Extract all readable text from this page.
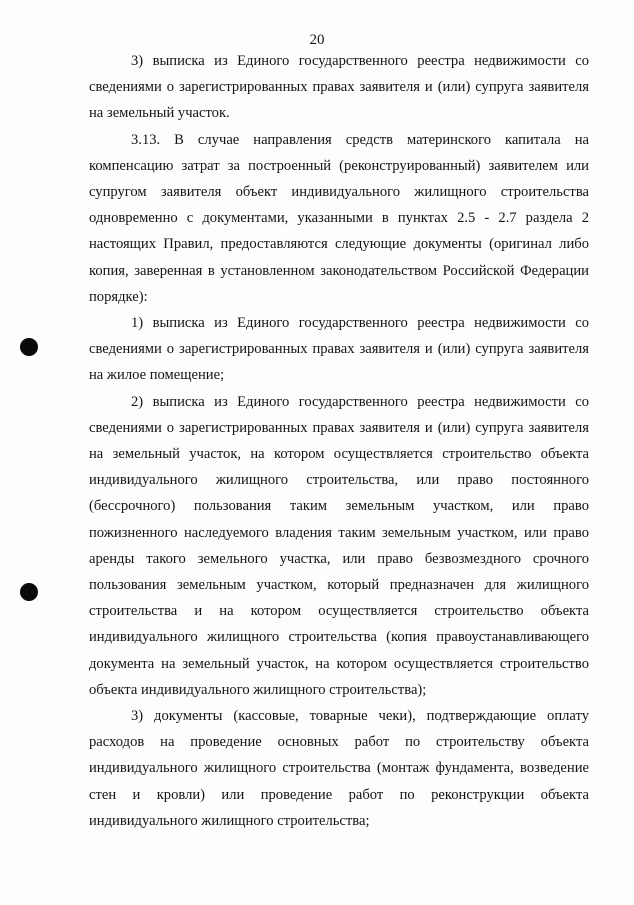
20

3) выписка из Единого государственного реестра недвижимости со сведениями о зарегистрированных правах заявителя и (или) супруга заявителя на земельный участок.

3.13. В случае направления средств материнского капитала на компенсацию затрат за построенный (реконструированный) заявителем или супругом заявителя объект индивидуального жилищного строительства одновременно с документами, указанными в пунктах 2.5 - 2.7 раздела 2 настоящих Правил, предоставляются следующие документы (оригинал либо копия, заверенная в установленном законодательством Российской Федерации порядке):

1) выписка из Единого государственного реестра недвижимости со сведениями о зарегистрированных правах заявителя и (или) супруга заявителя на жилое помещение;

2) выписка из Единого государственного реестра недвижимости со сведениями о зарегистрированных правах заявителя и (или) супруга заявителя на земельный участок, на котором осуществляется строительство объекта индивидуального жилищного строительства, или право постоянного (бессрочного) пользования таким земельным участком, или право пожизненного наследуемого владения таким земельным участком, или право аренды такого земельного участка, или право безвозмездного срочного пользования земельным участком, который предназначен для жилищного строительства и на котором осуществляется строительство объекта индивидуального жилищного строительства (копия правоустанавливающего документа на земельный участок, на котором осуществляется строительство объекта индивидуального жилищного строительства);

3) документы (кассовые, товарные чеки), подтверждающие оплату расходов на проведение основных работ по строительству объекта индивидуального жилищного строительства (монтаж фундамента, возведение стен и кровли) или проведение работ по реконструкции объекта индивидуального жилищного строительства;
